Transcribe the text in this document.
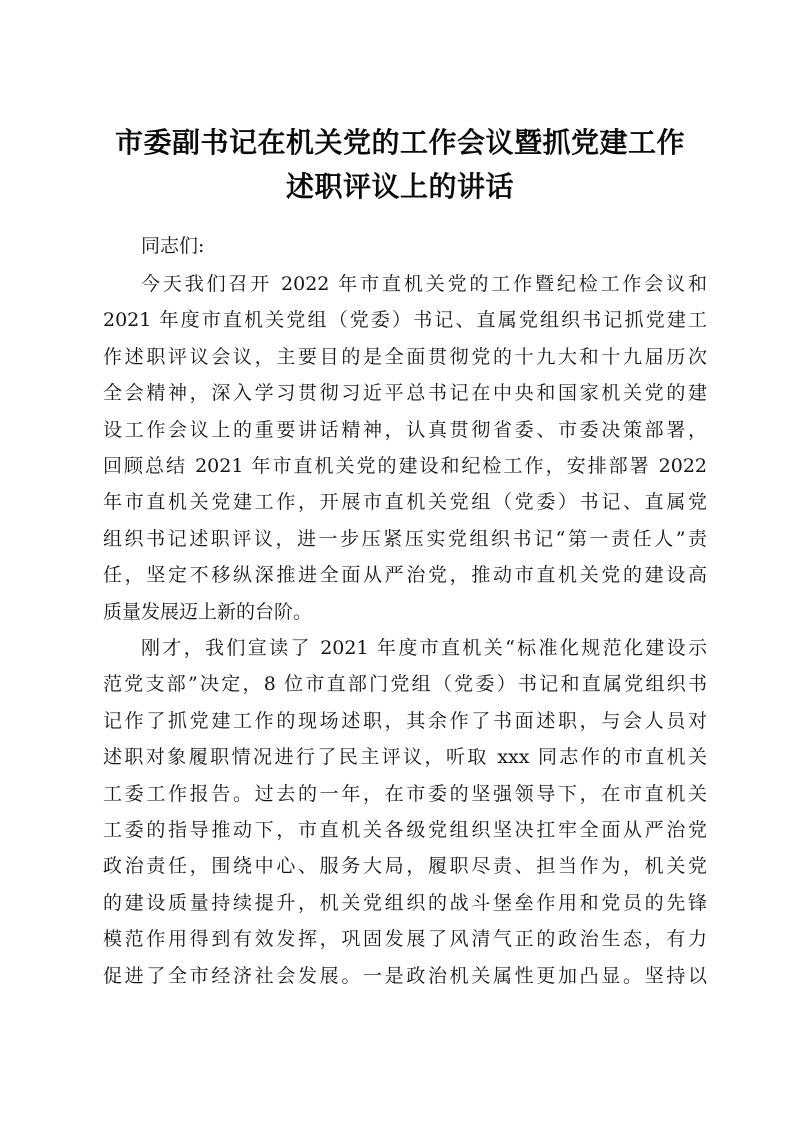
市委副书记在机关党的工作会议暨抓党建工作
述职评议上的讲话
同志们:
今天我们召开 2022 年市直机关党的工作暨纪检工作会议和
2021 年度市直机关党组（党委）书记、直属党组织书记抓党建工
作述职评议会议，主要目的是全面贯彻党的十九大和十九届历次
全会精神，深入学习贯彻习近平总书记在中央和国家机关党的建
设工作会议上的重要讲话精神，认真贯彻省委、市委决策部署，
回顾总结 2021 年市直机关党的建设和纪检工作，安排部署 2022
年市直机关党建工作，开展市直机关党组（党委）书记、直属党
组织书记述职评议，进一步压紧压实党组织书记“第一责任人”责
任，坚定不移纵深推进全面从严治党，推动市直机关党的建设高
质量发展迈上新的台阶。
刚才，我们宣读了 2021 年度市直机关“标准化规范化建设示
范党支部”决定，8 位市直部门党组（党委）书记和直属党组织书
记作了抓党建工作的现场述职，其余作了书面述职，与会人员对
述职对象履职情况进行了民主评议，听取 xxx 同志作的市直机关
工委工作报告。过去的一年，在市委的坚强领导下，在市直机关
工委的指导推动下，市直机关各级党组织坚决扛牢全面从严治党
政治责任，围绕中心、服务大局，履职尽责、担当作为，机关党
的建设质量持续提升，机关党组织的战斗堡垒作用和党员的先锋
模范作用得到有效发挥，巩固发展了风清气正的政治生态，有力
促进了全市经济社会发展。一是政治机关属性更加凸显。坚持以
